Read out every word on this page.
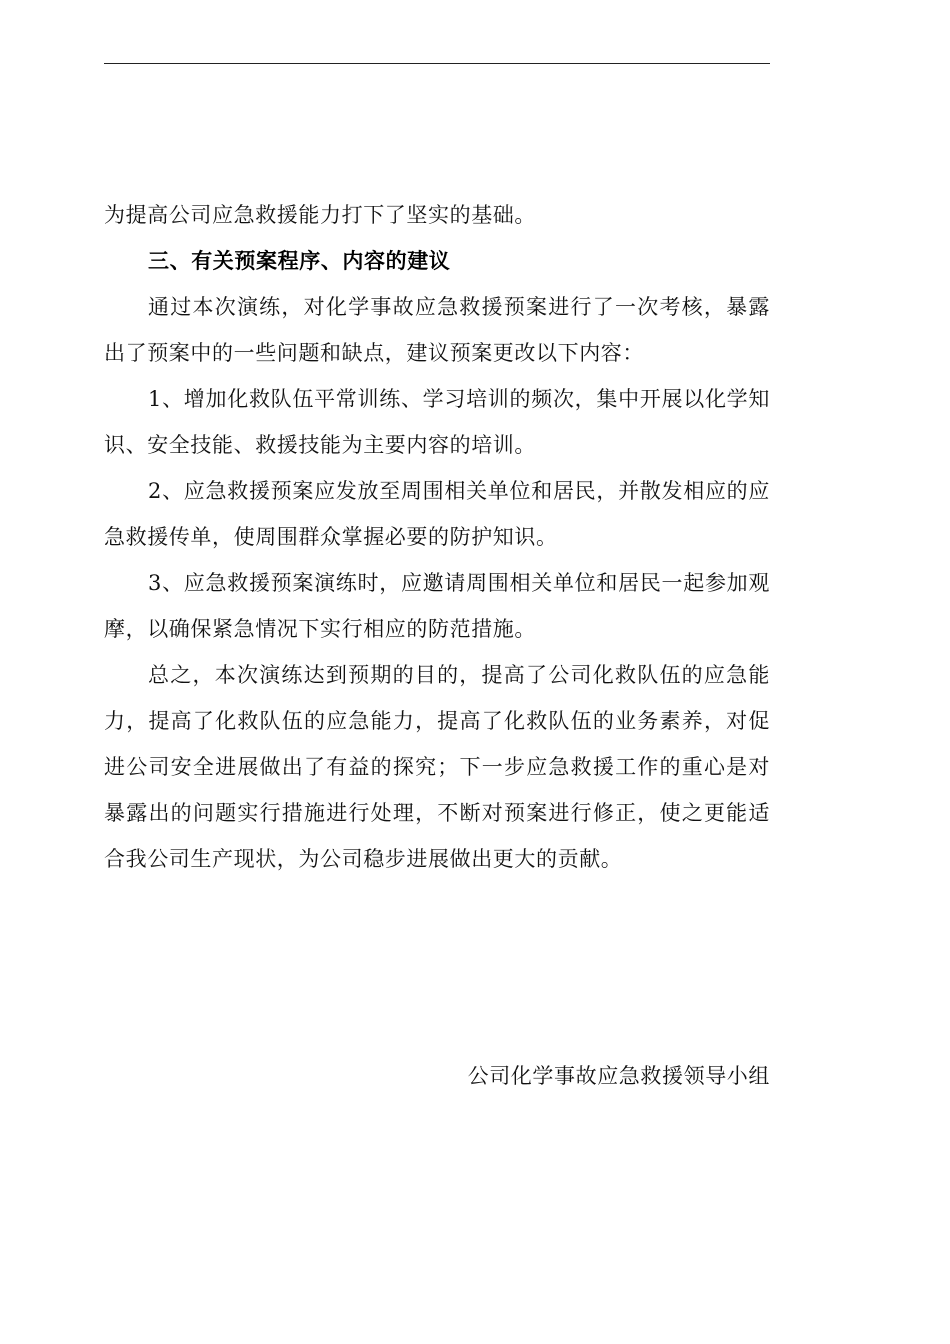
为提高公司应急救援能力打下了坚实的基础。

三、有关预案程序、内容的建议

通过本次演练，对化学事故应急救援预案进行了一次考核，暴露出了预案中的一些问题和缺点，建议预案更改以下内容：

1、增加化救队伍平常训练、学习培训的频次，集中开展以化学知识、安全技能、救援技能为主要内容的培训。

2、应急救援预案应发放至周围相关单位和居民，并散发相应的应急救援传单，使周围群众掌握必要的防护知识。

3、应急救援预案演练时，应邀请周围相关单位和居民一起参加观摩，以确保紧急情况下实行相应的防范措施。

总之，本次演练达到预期的目的，提高了公司化救队伍的应急能力，提高了化救队伍的应急能力，提高了化救队伍的业务素养，对促进公司安全进展做出了有益的探究；下一步应急救援工作的重心是对暴露出的问题实行措施进行处理，不断对预案进行修正，使之更能适合我公司生产现状，为公司稳步进展做出更大的贡献。

公司化学事故应急救援领导小组
